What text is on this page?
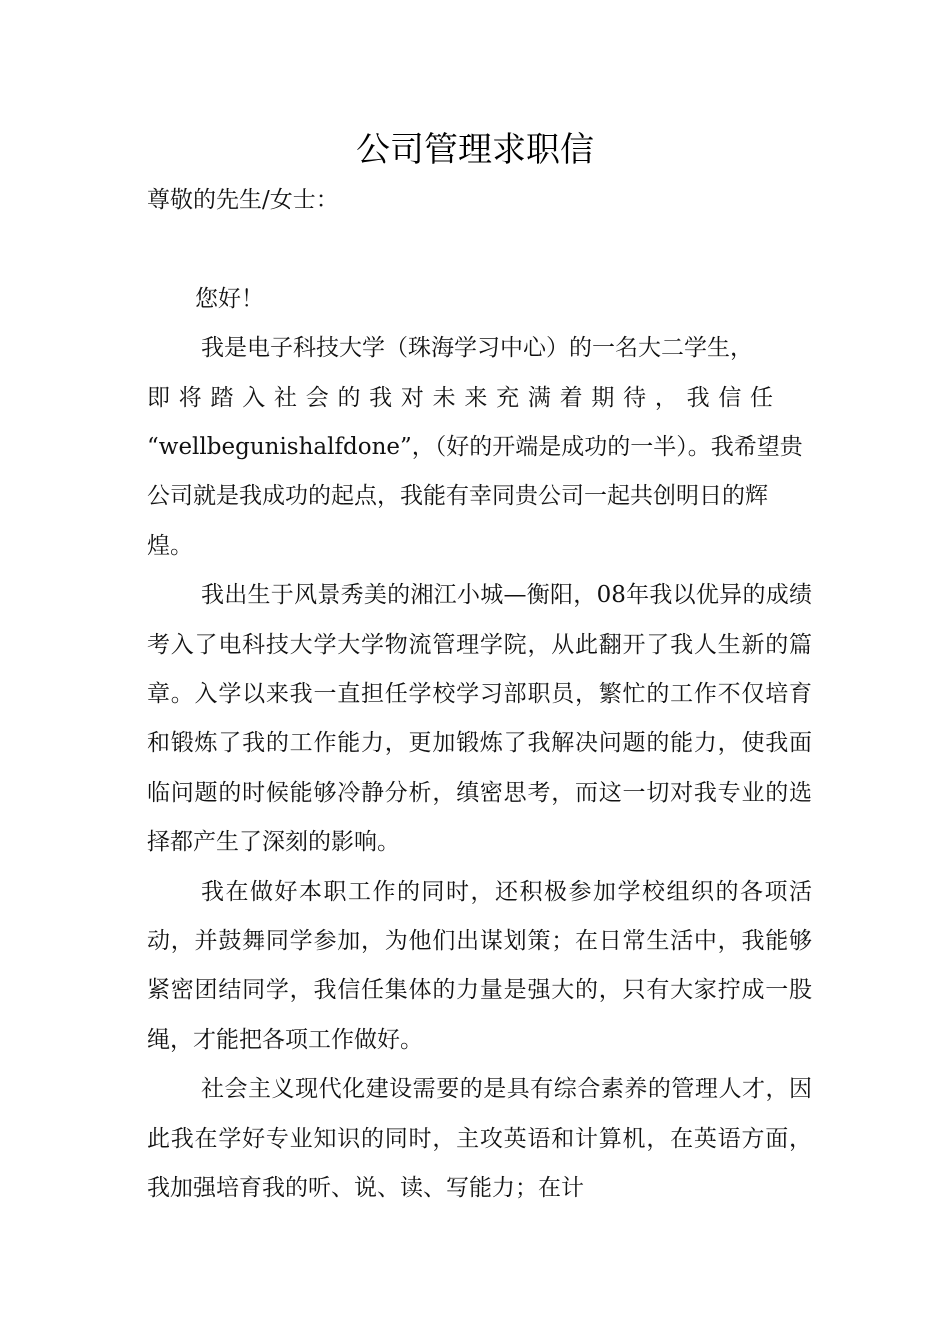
公司管理求职信

尊敬的先生/女士：

您好！

我是电子科技大学（珠海学习中心）的一名大二学生，

即将踏入社会的我对未来充满着期待，我信任

“wellbegunishalfdone”，（好的开端是成功的一半）。我希望贵公司就是我成功的起点，我能有幸同贵公司一起共创明日的辉煌。

我出生于风景秀美的湘江小城—衡阳，08年我以优异的成绩考入了电科技大学大学物流管理学院，从此翻开了我人生新的篇章。入学以来我一直担任学校学习部职员，繁忙的工作不仅培育和锻炼了我的工作能力，更加锻炼了我解决问题的能力，使我面临问题的时候能够冷静分析，缜密思考，而这一切对我专业的选择都产生了深刻的影响。

我在做好本职工作的同时，还积极参加学校组织的各项活动，并鼓舞同学参加，为他们出谋划策；在日常生活中，我能够紧密团结同学，我信任集体的力量是强大的，只有大家拧成一股绳，才能把各项工作做好。

社会主义现代化建设需要的是具有综合素养的管理人才，因此我在学好专业知识的同时，主攻英语和计算机，在英语方面，我加强培育我的听、说、读、写能力；在计
